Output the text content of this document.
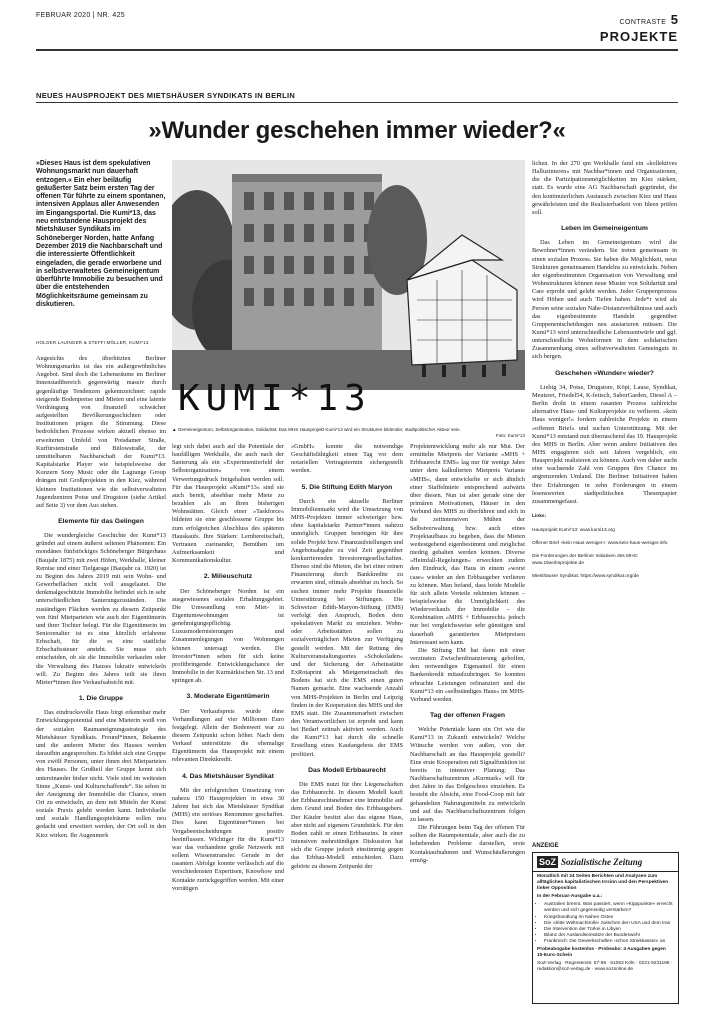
FEBRUAR 2020 | NR. 425
CONTRASTE 5
PROJEKTE
NEUES HAUSPROJEKT DES MIETSHÄUSER SYNDIKATS IN BERLIN
»Wunder geschehen immer wieder?«
»Dieses Haus ist dem spekulativen Wohnungsmarkt nun dauerhaft entzogen.« Ein eher beiläufig geäußerter Satz beim ersten Tag der offenen Tür führte zu einem spontanen, intensiven Applaus aller Anwesenden im Eingangsportal. Die Kumi*13, das neu entstandene Hausprojekt des Mietshäuser Syndikats im Schöneberger Norden, hatte Anfang Dezember 2019 die Nachbarschaft und die interessierte Öffentlichkeit eingeladen, die gerade erworbene und in selbstverwaltetes Gemeineigentum überführte Immobilie zu besuchen und über die entstehenden Möglichkeitsräume gemeinsam zu diskutieren.
HOLGER LAUINGER & STEFFI MÖLLER, KUMI*13
KUMI*13
▲ Gemeineigentum, Selbstorganisation, Solidarität: Das MHS Hausprojekt Kumi*13 wird ein Strukturen bildender, stadtpolitischer Akteur sein.
Foto: Kumi*13

Angesichts des überhitzten Berliner Wohnungsmarkts ist das ein außergewöhnliches Angebot. Sind doch die Lebensräume im Berliner Innenstadtbereich gegenwärtig massiv durch gegenläufige Tendenzen gekennzeichnet: rapide steigende Bodenpreise und Mieten und eine latente Verdrängung von finanziell schwächer aufgestellten Bevölkerungsschichten oder Institutionen prägen die Stimmung. Diese bedrohlichen Prozesse wirken aktuell ebenso im erweiterten Umfeld von Potsdamer Straße, Kurfürstenstraße und Bülowstraße, der unmittelbaren Nachbarschaft der Kumi*13. Kapitalstarke Player wie beispielsweise der Konzern Sony Music oder die Lagrange Group drängen mit Großprojekten in den Kiez, während kleinere Institutionen wie die selbstverwalteten Jugendzentren Potse und Drugstore (siehe Artikel auf Seite 3) vor dem Aus stehen.

Elemente für das Gelingen

Die wundergleiche Geschichte der Kumi*13 gründet auf einem äußerst seltenen Phänomen: Ein mondänes fünfstöckiges Schöneberger Bürgerhaus (Baujahr 1875) mit zwei Höfen, Werkhalle, kleiner Remise und einer Tiefgarage (Baujahr ca. 1920) ist zu Beginn des Jahres 2019 mit sein Wohn- und Gewerbeflächen nicht voll ausgelastet. Die denkmalgeschützte Immobilie befindet sich in sehr unterschiedlichen Sanierungszuständen. Die zuständigen Flächen werden zu diesem Zeitpunkt von fünf Mietparteien wie auch der Eigentümerin und ihrer Tochter belegt. Für die Eigentümerin im Seniorenalter ist es eine kürzlich erfahrene Erbschaft, für die es eine stattliche Erbschaftssteuer ansteht. Sie muss sich entscheiden, ob sie die Immobilie verkaufen oder die Verwaltung des Hauses lukrativ entwickeln will. Zu Beginn des Jahres teilt sie ihren Mieter*innen ihre Verkaufsabsicht mit.

1. Die Gruppe

Das eindrucksvolle Haus birgt erkennbar mehr Entwicklungspotential und eine Mieterin weiß von der sozialen Raumaneignungsstrategie des Mietshäuser Syndikats. Freund*innen, Bekannte und die anderen Mieter des Hauses werden daraufhin angesprochen. Es bildet sich eine Gruppe von zwölf Personen, unter ihnen drei Mietparteien des Hauses. Ihr Großteil der Gruppe kennt sich untereinander bisher nicht. Viele sind im weitesten Sinne „Kunst- und Kulturschaffende“. Sie sehen in der Aneignung der Immobilie die Chance, einen Ort zu entwickeln, an dem mit Mitteln der Kunst soziale Praxis gelebt werden kann. Individuelle und soziale Handlungsspielräume sollen neu gedacht und erweitert werden, der Ort soll in den Kiez wirken. Ihr Augenmerk

legt sich dabei auch auf die Potentiale der baufälligen Werkhalle, die auch nach der Sanierung als ein »Experimentierfeld der Selbstorganisation« von einem Verwertungsdruck freigehalten werden soll. Für das Hausprojekt »Kumi*13« sind sie auch bereit, absehbar mehr Miete zu bezahlen als an ihren bisherigen Wohnstätten. Gleich einer »Taskforce« bildeten sie eine geschlossene Gruppe bis zum erfolgreichen Abschluss des späteren Hauskaufs. Ihre Stärken: Lernbereitschaft, Vertrauen zueinander, Bemühen um Aufmerksamkeit und Kommunikationskultur.

2. Milieuschutz

Der Schöneberger Norden ist ein ausgewiesenes soziales Erhaltungsgebiet. Die Umwandlung von Miet- in Eigentumswohnungen ist genehmigungspflichtig. Luxusmodernisierungen und Zusammenlegungen von Wohnungen können untersagt werden. Die Investor*innen sehen für sich keine profitbringende Entwicklungschance der Immobilie in der Kurmärkischen Str. 13 und springen ab.

3. Moderate Eigentümerin

Der Verkaufspreis wurde ohne Verhandlungen auf vier Millionen Euro festgelegt. Allein der Bodenwert war zu diesem Zeitpunkt schon höher. Nach dem Verkauf unterstützte die ehemalige Eigentümerin das Hausprojekt mit einem relevanten Direktkredit.

4. Das Mietshäuser Syndikat

Mit der erfolgreichen Umsetzung von nahezu 150 Hausprojekten in etwa 30 Jahren hat sich das Mietshäuser Syndikat (MHS) ein seriöses Renommee geschaffen. Dies kann Eigentümer*innen bei Vergabeentscheidungen positiv beeinflussen. Wichtiger für die Kumi*13 war das vorhandene große Netzwerk mit sollem Wissenstransfer. Gerade in der rasanten Abfolge konnte verlässlich auf die verschiedensten Expertisen, Knowhow und Kontakte zurückgegriffen werden. Mit einer vorrätigen

»GmbH« konnte die notwendige Geschäftsfähigkeit einen Tag vor dem notariellen Vertragstermin sichergestellt werden.

5. Die Stiftung Edith Maryon

Durch ein aktuelle Berliner Immobilienmarkt wird die Umsetzung von MHS-Projekten immer schwieriger bzw. ohne kapitalstarke Partner*innen nahezu unmöglich. Gruppen benötigen für ihre solide Projekt bzw. Finanzaufstellungen und Angebotsabgabe zu viel Zeit gegenüber konkurrierenden Investorengesellschaften. Ebenso sind die Mieten, die bei einer reinen Finanzierung durch Bankkredite zu erwarten sind, oftmals absehbar zu hoch. So suchen immer mehr Projekte finanzielle Unterstützung bei Stiftungen. Die Schweizer Edith-Maryon-Stiftung (EMS) verfolgt den Anspruch, Boden dem spekulativen Markt zu entziehen. Wohn- oder Arbeitsstätten sollen zu sozialverträglichen Mieten zur Verfügung gestellt werden. Mit der Rettung des Kulturveranstaltungsortes »Schokoladen« und der Sicherung der Arbeitsstätte ExRotaprint als Mietgemeinschaft des Bodens hat sich die EMS einen guten Namen gemacht. Eine wachsende Anzahl von MHS-Projekten in Berlin und Leipzig finden in der Kooperation des MHS und der EMS statt. Die Zusammenarbeit zwischen den Verantwortlichen ist erprobt und kann bei Bedarf zeitnah aktiviert werden. Auch die Kumi*13 hat durch die schnelle Erstellung eines Kaufangebots der EMS profitiert.

Das Modell Erbbaurecht

Die EMS nutzt für ihre Liegenschaften das Erbbaurecht. In diesem Modell kauft der Erbbaurechtsnehmer eine Immobilie auf dem Grund und Boden des Erbbaugebers. Der Käufer besitzt also das eigene Haus, aber nicht auf eigenem Grundstück. Für den Boden zahlt er einen Erbbauzins. In einer intensiven mehrstündigen Diskussion hat sich die Gruppe jedoch einstimmig gegen das Erbbau-Modell entschieden. Dazu gehörte zu diesem Zeitpunkt der

Projektentwicklung mehr als nur Mut. Der ermittelte Mietpreis der Variante »MHS + Erbbaurecht EMS« lag nur für wenige Jahre unter dem kalkulierten Mietpreis Variante »MHS«, dann entwickelte er sich ähnlich einer Staffelmiete entsprechend aufwärts über diesen. Nun ist aber gerade eine der primären Motivationen, Häuser in den Verbund des MHS zu überführen und sich in die zeitintensiven Mühen der Selbstverwaltung bzw. auch eines Projektaufbaus zu begeben, dass die Mieten weitestgehend eigenbestimmt und möglichst niedrig gehalten werden können. Diverse »Heimfall-Regelungen« erweckten zudem den Eindruck, das Haus in einem »worst case« wieder an den Erbbaugeber verlieren zu können. Man befand, dass beide Modelle für sich allein Vorteile rekinnten können – beispielsweise die Unmöglichkeit des Wiederverkaufs der Immobilie – die Kombination »MHS + Erbbaurecht« jedoch nur bei vergleichsweise sehr günstigen und dauerhaft garantierten Mietpreisen Interessant sein kann.

Die Stiftung EM hat dann mit einer verzinsten Zwischenfinanzierung geholfen, den notwendigen Eigenanteil für einen Bankenkredit mitaufzubringen. So konnten erbrachte Leistungen refinanziert und die Kumi*13 ein »selbständiges Haus« im MHS-Verbund werden.

Tag der offenen Fragen

Welche Potentiale kann ein Ort wie die Kumi*13 in Zukunft entwickeln? Welche Wünsche werden von außen, von der Nachbarschaft an das Hausprojekt gestellt? Eine erste Kooperation mit Signalfunktion ist bereits in intensiver Planung: Das Nachbarschaftszentrum »Kurmark« will für drei Jahre in das Erdgeschoss einziehen. Es besteht die Absicht, eine Food-Coop mit fair gehandelten Nahrungsmitteln zu entwickeln und auf das Nachbarschaftszentrum folgen zu lassen.

Die Führungen beim Tag der offenen Tür sollten die Raumpotentiale, aber auch die zu behebenden Probleme darstellen, erste Kontaktaufnahmen und Wunschäußerungen ermög-

lichen. In der 270 qm Werkhalle fand ein »kollektives Halluzinieren« mit Nachbar*innen und Organisationen, die die Partizipationsmöglichkeiten im Kiez stärken, statt. Es wurde eine AG Nachbarschaft gegründet, die den kontinuierlichen Austausch zwischen Kiez und Haus gewährleisten und die Realisierbarkeit von Ideen prüfen soll.

Leben im Gemeineigentum

Das Leben im Gemeineigentum wird die Bewohner*innen verändern. Sie treten gemeinsam in einen sozialen Prozess. Sie haben die Möglichkeit, neue Strukturen gemeinsamen Handelns zu entwickeln. Neben der eigenbestimmten Organisation von Verwaltung und Wohnstrukturen können neue Muster von Solidarität und Care erprobt und gelebt werden. Jeder Gruppenprozess wird Höhen und auch Tiefen haben. Jede*r wird als Person seine sozialen Nähe-Distanzverhältnisse und auch das eigenbestimmte Handeln gegenüber Gruppenentscheidungen neu austarieren müssen. Die Kumi*13 wird unterschiedliche Lebensentwürfe und ggf. unterschiedliche Wohnformen in dem solidarischen Zusammenhang eines selbstverwalteten Gemeinguts in sich bergen.

Geschehen »Wunder« wieder?

Liebig 34, Potse, Drugstore, Köpi, Lause, Syndikat, Meuterei, Friedel54, K-fetisch, SaborGarden, Diesel A – Berlin droht in einem rasanten Prozess zahlreiche alternative Haus- und Kulturprojekte zu verlieren. »kein Haus weniger!« fordern zahlreiche Projekte in einem »offenen Brief« und suchen Unterstützung. Mit der Kumi*13 entstand nun überraschend das 19. Hausprojekt des MHS in Berlin. Aber wenn andere Initiativen des MHS engagieren sich seit Jahren vergeblich, ein Hausprojekt realisieren zu können. Auch von daher sucht eine wachsende Zahl von Gruppen ihre Chance im angrenzenden Umland. Die Berliner Initiativen haben ihre Erfahrungen in zehn Forderungen in einem lesenswerten stadtpolitischen Thesenpapier zusammengefasst.

Links:

Hausprojekt Kumi*13: www.kumi13.org

Offener Brief »kein Haus weniger«: www.kein-haus-weniger.info

Die Forderungen der Berliner Initiativen des MHS: www.15wohnprojekte.de

Mietshäuser Syndikat: https://www.syndikat.org/de

ANZEIGE
SoZ Sozialistische Zeitung
Monatlich mit 24 Seiten Berichten und Analysen zum alltäglichen kapitalistischen Irrsinn und den Perspektiven linker Opposition
In der Februar-Ausgabe u.a.:
• Australien brennt. Was passiert, wenn »Kipppunkte« erreicht werden und sich gegenseitig verstärken?
• Kriegshandlung im Nahen Osten
• Die ›dritte Weltmachtrolle‹ zwischen den USA und dem Iran
• Die Intervention der Türkei in Libyen
• Bilanz der Auslandseinsätze der Bundeswehr
• Frankreich: Die Gewerkschaften ›schon Streikkassen‹ an
Probeabogabe kostenlos · Probeabo: 4 Ausgaben gegen 10-Euro-Schein
SoZ-Verlag · Regentenstr. 57-59 · 51063 Köln · 0221-9231196 · redaktion@soz-verlag.de · www.sozonline.de
